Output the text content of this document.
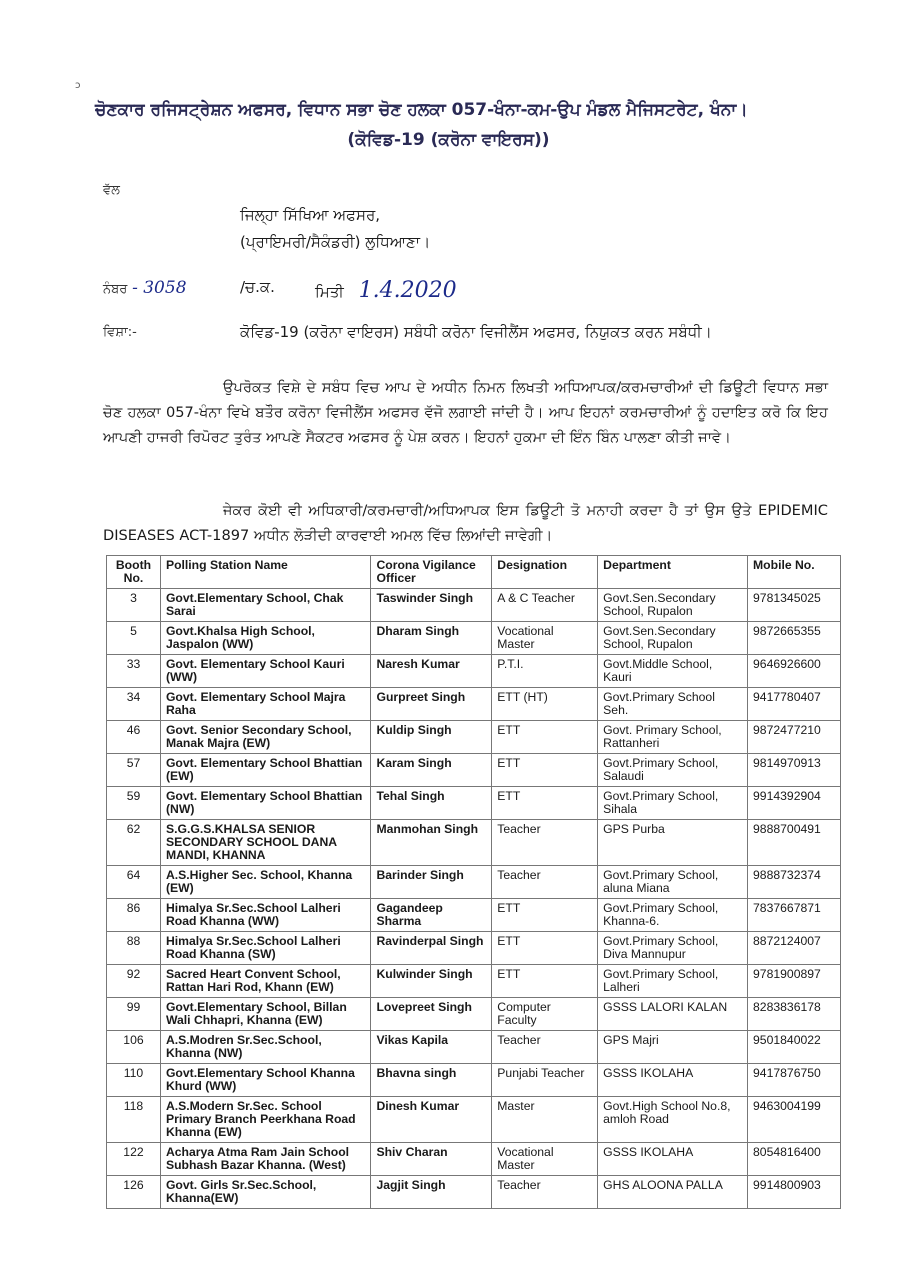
ɔ
ਚੋਣਕਾਰ ਰਜਿਸਟ੍ਰੇਸ਼ਨ ਅਫਸਰ, ਵਿਧਾਨ ਸਭਾ ਚੋਣ ਹਲਕਾ 057-ਖੰਨਾ-ਕਮ-ਉਪ ਮੰਡਲ ਮੈਜਿਸਟਰੇਟ, ਖੰਨਾ।
(ਕੋਵਿਡ-19 (ਕਰੋਨਾ ਵਾਇਰਸ))
ਵੱਲ
ਜਿਲ੍ਹਾ ਸਿੱਖਿਆ ਅਫਸਰ,
(ਪ੍ਰਾਇਮਰੀ/ਸੈਕੰਡਰੀ) ਲੁਧਿਆਣਾ।
ਨੰਬਰ - 3058	/ਚ.ਕ.	ਮਿਤੀ 1.4.2020
ਵਿਸ਼ਾ:-	ਕੋਵਿਡ-19 (ਕਰੋਨਾ ਵਾਇਰਸ) ਸਬੰਧੀ ਕਰੋਨਾ ਵਿਜੀਲੈਂਸ ਅਫਸਰ, ਨਿਯੁਕਤ ਕਰਨ ਸਬੰਧੀ।
ਉਪਰੋਕਤ ਵਿਸ਼ੇ ਦੇ ਸਬੰਧ ਵਿਚ ਆਪ ਦੇ ਅਧੀਨ ਨਿਮਨ ਲਿਖਤੀ ਅਧਿਆਪਕ/ਕਰਮਚਾਰੀਆਂ ਦੀ ਡਿਊਟੀ ਵਿਧਾਨ ਸਭਾ ਚੋਣ ਹਲਕਾ 057-ਖੰਨਾ ਵਿਖੇ ਬਤੌਰ ਕਰੋਨਾ ਵਿਜੀਲੈਂਸ ਅਫਸਰ ਵੱਜੋ ਲਗਾਈ ਜਾਂਦੀ ਹੈ। ਆਪ ਇਹਨਾਂ ਕਰਮਚਾਰੀਆਂ ਨੂੰ ਹਦਾਇਤ ਕਰੋ ਕਿ ਇਹ ਆਪਣੀ ਹਾਜਰੀ ਰਿਪੋਰਟ ਤੁਰੰਤ ਆਪਣੇ ਸੈਕਟਰ ਅਫਸਰ ਨੂੰ ਪੇਸ਼ ਕਰਨ। ਇਹਨਾਂ ਹੁਕਮਾ ਦੀ ਇੰਨ ਬਿੰਨ ਪਾਲਣਾ ਕੀਤੀ ਜਾਵੇ।
ਜੇਕਰ ਕੋਈ ਵੀ ਅਧਿਕਾਰੀ/ਕਰਮਚਾਰੀ/ਅਧਿਆਪਕ ਇਸ ਡਿਊਟੀ ਤੋ ਮਨਾਹੀ ਕਰਦਾ ਹੈ ਤਾਂ ਉਸ ਉਤੇ EPIDEMIC DISEASES ACT-1897 ਅਧੀਨ ਲੋੜੀਦੀ ਕਾਰਵਾਈ ਅਮਲ ਵਿੱਚ ਲਿਆਂਦੀ ਜਾਵੇਗੀ।
Booth No.	Polling Station Name	Corona Vigilance Officer	Designation	Department	Mobile No.
3	Govt.Elementary School, Chak Sarai	Taswinder Singh	A & C Teacher	Govt.Sen.Secondary School, Rupalon	9781345025
5	Govt.Khalsa High School, Jaspalon (WW)	Dharam Singh	Vocational Master	Govt.Sen.Secondary School, Rupalon	9872665355
33	Govt. Elementary School Kauri (WW)	Naresh Kumar	P.T.I.	Govt.Middle School, Kauri	9646926600
34	Govt. Elementary School Majra Raha	Gurpreet Singh	ETT (HT)	Govt.Primary School Seh.	9417780407
46	Govt. Senior Secondary School, Manak Majra (EW)	Kuldip Singh	ETT	Govt. Primary School, Rattanheri	9872477210
57	Govt. Elementary School Bhattian (EW)	Karam Singh	ETT	Govt.Primary School, Salaudi	9814970913
59	Govt. Elementary School Bhattian (NW)	Tehal Singh	ETT	Govt.Primary School, Sihala	9914392904
62	S.G.G.S.KHALSA SENIOR SECONDARY SCHOOL DANA MANDI, KHANNA	Manmohan Singh	Teacher	GPS Purba	9888700491
64	A.S.Higher Sec. School, Khanna (EW)	Barinder Singh	Teacher	Govt.Primary School, aluna Miana	9888732374
86	Himalya Sr.Sec.School Lalheri Road Khanna (WW)	Gagandeep Sharma	ETT	Govt.Primary School, Khanna-6.	7837667871
88	Himalya Sr.Sec.School Lalheri Road Khanna (SW)	Ravinderpal Singh	ETT	Govt.Primary School, Diva Mannupur	8872124007
92	Sacred Heart Convent School, Rattan Hari Rod, Khann (EW)	Kulwinder Singh	ETT	Govt.Primary School, Lalheri	9781900897
99	Govt.Elementary School, Billan Wali Chhapri, Khanna (EW)	Lovepreet Singh	Computer Faculty	GSSS LALORI KALAN	8283836178
106	A.S.Modren Sr.Sec.School, Khanna (NW)	Vikas Kapila	Teacher	GPS Majri	9501840022
110	Govt.Elementary School Khanna Khurd (WW)	Bhavna singh	Punjabi Teacher	GSSS IKOLAHA	9417876750
118	A.S.Modern Sr.Sec. School Primary Branch Peerkhana Road Khanna (EW)	Dinesh Kumar	Master	Govt.High School No.8, amloh Road	9463004199
122	Acharya Atma Ram Jain School Subhash Bazar Khanna. (West)	Shiv Charan	Vocational Master	GSSS IKOLAHA	8054816400
126	Govt. Girls Sr.Sec.School, Khanna(EW)	Jagjit Singh	Teacher	GHS ALOONA PALLA	9914800903
